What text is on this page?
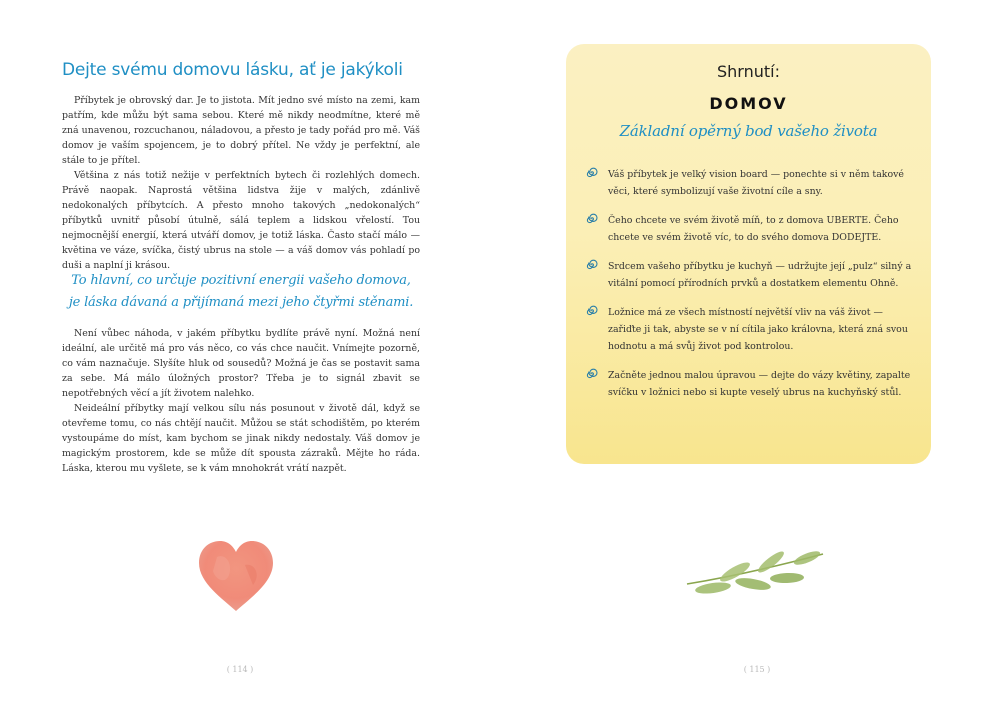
Dejte svému domovu lásku, ať je jakýkoli

Příbytek je obrovský dar. Je to jistota. Mít jedno své místo na zemi, kam patřím, kde můžu být sama sebou. Které mě nikdy neodmítne, které mě zná unavenou, rozcuchanou, náladovou, a přesto je tady pořád pro mě. Váš domov je vaším spojencem, je to dobrý přítel. Ne vždy je perfektní, ale stále to je přítel.

Většina z nás totiž nežije v perfektních bytech či rozlehlých domech. Právě naopak. Naprostá většina lidstva žije v malých, zdánlivě nedokonalých příbytcích. A přesto mnoho takových „nedokonalých“ příbytků uvnitř působí útulně, sálá teplem a lidskou vřelostí. Tou nejmocnější energií, která utváří domov, je totiž láska. Často stačí málo — květina ve váze, svíčka, čistý ubrus na stole — a váš domov vás pohladí po duši a naplní ji krásou.

To hlavní, co určuje pozitivní energii vašeho domova,
je láska dávaná a přijímaná mezi jeho čtyřmi stěnami.

Není vůbec náhoda, v jakém příbytku bydlíte právě nyní. Možná není ideální, ale určitě má pro vás něco, co vás chce naučit. Vnímejte pozorně, co vám naznačuje. Slyšíte hluk od sousedů? Možná je čas se postavit sama za sebe. Má málo úložných prostor? Třeba je to signál zbavit se nepotřebných věcí a jít životem nalehko.

Neideální příbytky mají velkou sílu nás posunout v životě dál, když se otevřeme tomu, co nás chtějí naučit. Můžou se stát schodištěm, po kterém vystoupáme do míst, kam bychom se jinak nikdy nedostaly. Váš domov je magickým prostorem, kde se může dít spousta zázraků. Mějte ho ráda. Láska, kterou mu vyšlete, se k vám mnohokrát vrátí nazpět.

( 114 )
Shrnutí:
DOMOV
Základní opěrný bod vašeho života
Váš příbytek je velký vision board — ponechte si v něm takové věci, které symbolizují vaše životní cíle a sny.
Čeho chcete ve svém životě míň, to z domova UBERTE. Čeho chcete ve svém životě víc, to do svého domova DODEJTE.
Srdcem vašeho příbytku je kuchyň — udržujte její „pulz“ silný a vitální pomocí přírodních prvků a dostatkem elementu Ohně.
Ložnice má ze všech místností největší vliv na váš život — zařiďte ji tak, abyste se v ní cítila jako královna, která zná svou hodnotu a má svůj život pod kontrolou.
Začněte jednou malou úpravou — dejte do vázy květiny, zapalte svíčku v ložnici nebo si kupte veselý ubrus na kuchyňský stůl.
( 115 )
